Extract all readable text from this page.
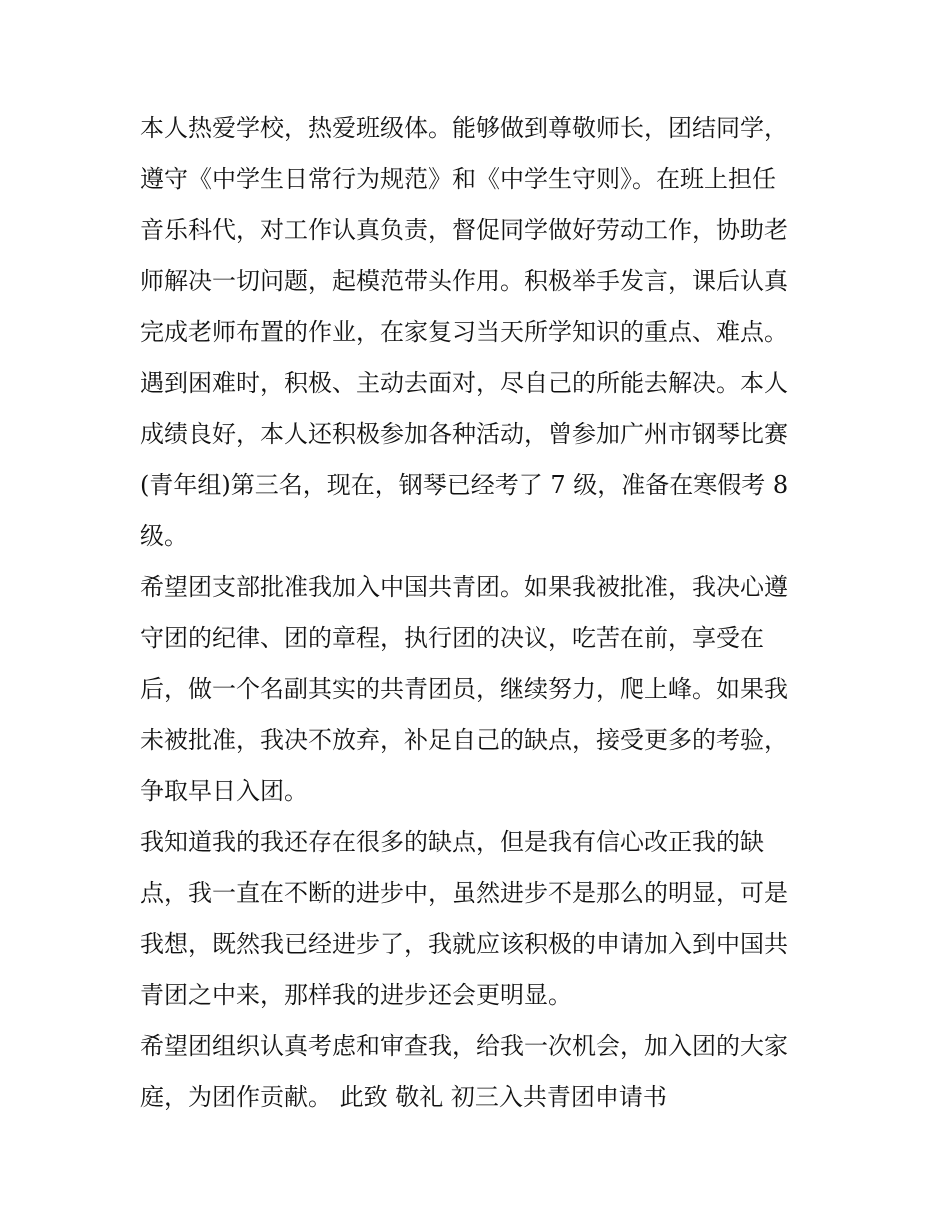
本人热爱学校，热爱班级体。能够做到尊敬师长，团结同学，
遵守《中学生日常行为规范》和《中学生守则》。在班上担任
音乐科代，对工作认真负责，督促同学做好劳动工作，协助老
师解决一切问题，起模范带头作用。积极举手发言，课后认真
完成老师布置的作业，在家复习当天所学知识的重点、难点。
遇到困难时，积极、主动去面对，尽自己的所能去解决。本人
成绩良好，本人还积极参加各种活动，曾参加广州市钢琴比赛
(青年组)第三名，现在，钢琴已经考了 7 级，准备在寒假考 8
级。
希望团支部批准我加入中国共青团。如果我被批准，我决心遵
守团的纪律、团的章程，执行团的决议，吃苦在前，享受在
后，做一个名副其实的共青团员，继续努力，爬上峰。如果我
未被批准，我决不放弃，补足自己的缺点，接受更多的考验，
争取早日入团。
我知道我的我还存在很多的缺点，但是我有信心改正我的缺
点，我一直在不断的进步中，虽然进步不是那么的明显，可是
我想，既然我已经进步了，我就应该积极的申请加入到中国共
青团之中来，那样我的进步还会更明显。
希望团组织认真考虑和审查我，给我一次机会，加入团的大家
庭，为团作贡献。 此致 敬礼 初三入共青团申请书
